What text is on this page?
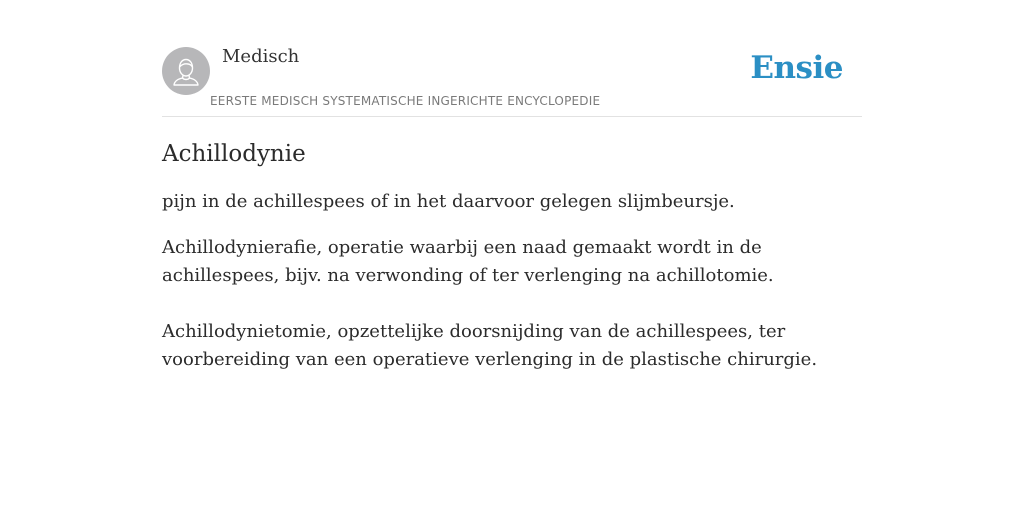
Medisch
EERSTE MEDISCH SYSTEMATISCHE INGERICHTE ENCYCLOPEDIE
Ensie
Achillodynie

pijn in de achillespees of in het daarvoor gelegen slijmbeursje.

Achillodynierafie, operatie waarbij een naad gemaakt wordt in de achillespees, bijv. na verwonding of ter verlenging na achillotomie.

Achillodynietomie, opzettelijke doorsnijding van de achillespees, ter voorbereiding van een operatieve verlenging in de plastische chirurgie.
